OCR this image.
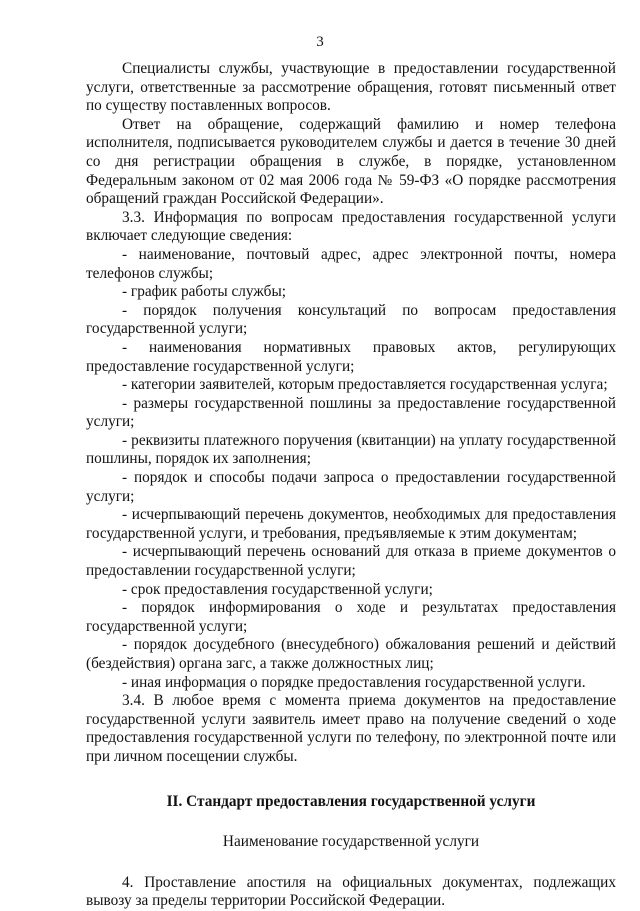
3

Специалисты службы, участвующие в предоставлении государственной услуги, ответственные за рассмотрение обращения, готовят письменный ответ по существу поставленных вопросов.

Ответ на обращение, содержащий фамилию и номер телефона исполнителя, подписывается руководителем службы и дается в течение 30 дней со дня регистрации обращения в службе, в порядке, установленном Федеральным законом от 02 мая 2006 года № 59-ФЗ «О порядке рассмотрения обращений граждан Российской Федерации».

3.3. Информация по вопросам предоставления государственной услуги включает следующие сведения:

- наименование, почтовый адрес, адрес электронной почты, номера телефонов службы;

- график работы службы;

- порядок получения консультаций по вопросам предоставления государственной услуги;

- наименования нормативных правовых актов, регулирующих предоставление государственной услуги;

- категории заявителей, которым предоставляется государственная услуга;

- размеры государственной пошлины за предоставление государственной услуги;

- реквизиты платежного поручения (квитанции) на уплату государственной пошлины, порядок их заполнения;

- порядок и способы подачи запроса о предоставлении государственной услуги;

- исчерпывающий перечень документов, необходимых для предоставления государственной услуги, и требования, предъявляемые к этим документам;

- исчерпывающий перечень оснований для отказа в приеме документов о предоставлении государственной услуги;

- срок предоставления государственной услуги;

- порядок информирования о ходе и результатах предоставления государственной услуги;

- порядок досудебного (внесудебного) обжалования решений и действий (бездействия) органа загс, а также должностных лиц;

- иная информация о порядке предоставления государственной услуги.

3.4. В любое время с момента приема документов на предоставление государственной услуги заявитель имеет право на получение сведений о ходе предоставления государственной услуги по телефону, по электронной почте или при личном посещении службы.

II. Стандарт предоставления государственной услуги

Наименование государственной услуги

4. Проставление апостиля на официальных документах, подлежащих вывозу за пределы территории Российской Федерации.
